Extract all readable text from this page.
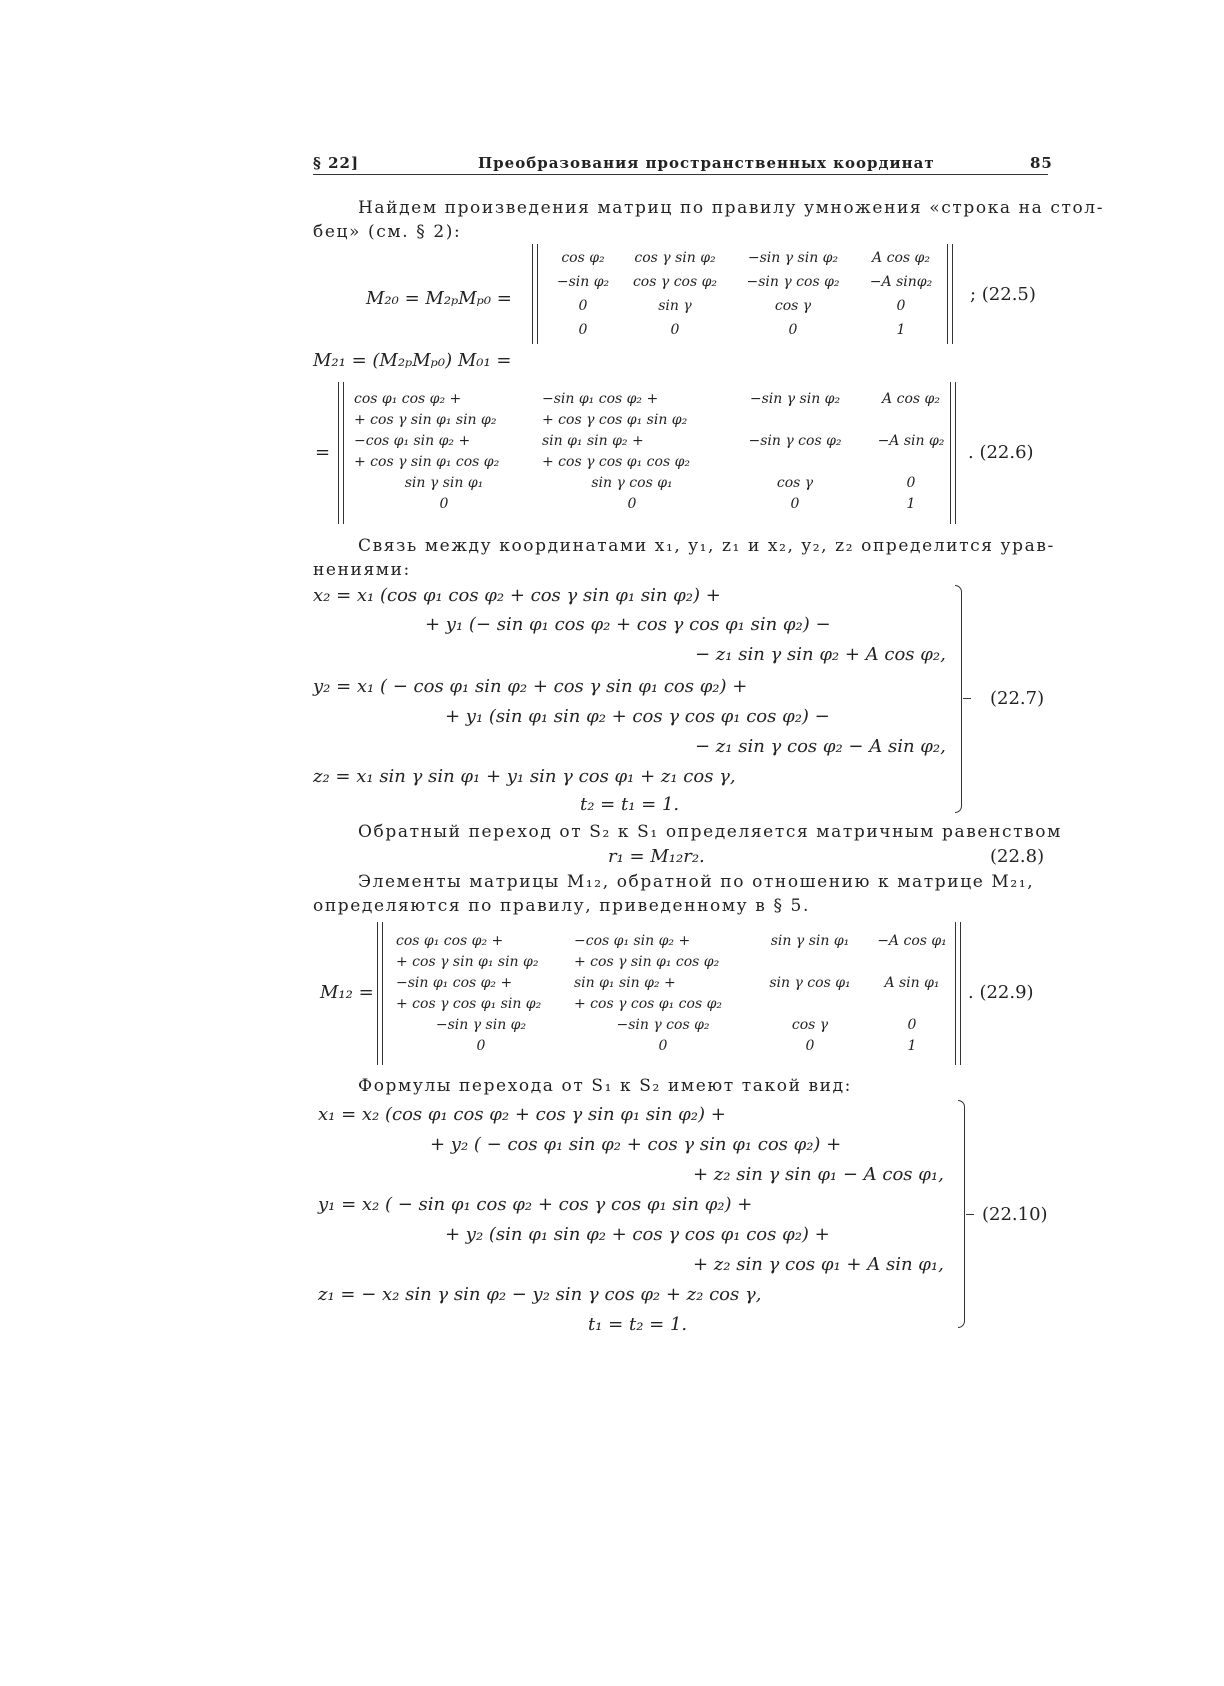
§ 22]	Преобразования пространственных координат	85
Найдем произведения матриц по правилу умножения «строка на стол-
бец» (см. § 2):
M₂₀ = M₂ₚMₚ₀ =
cos φ₂	cos γ sin φ₂	−sin γ sin φ₂	A cos φ₂
−sin φ₂	cos γ cos φ₂	−sin γ cos φ₂	−A sinφ₂
0	sin γ	cos γ	0
0	0	0	1
; (22.5)
M₂₁ = (M₂ₚMₚ₀) M₀₁ =
=
cos φ₁ cos φ₂ +	−sin φ₁ cos φ₂ +	−sin γ sin φ₂	A cos φ₂
+ cos γ sin φ₁ sin φ₂	+ cos γ cos φ₁ sin φ₂		
−cos φ₁ sin φ₂ +	sin φ₁ sin φ₂ +	−sin γ cos φ₂	−A sin φ₂
+ cos γ sin φ₁ cos φ₂	+ cos γ cos φ₁ cos φ₂		
sin γ sin φ₁	sin γ cos φ₁	cos γ	0
0	0	0	1
. (22.6)
Связь между координатами x₁, y₁, z₁ и x₂, y₂, z₂ определится урав-
нениями:
x₂ = x₁ (cos φ₁ cos φ₂ + cos γ sin φ₁ sin φ₂) +
+ y₁ (− sin φ₁ cos φ₂ + cos γ cos φ₁ sin φ₂) −
− z₁ sin γ sin φ₂ + A cos φ₂,
y₂ = x₁ ( − cos φ₁ sin φ₂ + cos γ sin φ₁ cos φ₂) +
+ y₁ (sin φ₁ sin φ₂ + cos γ cos φ₁ cos φ₂) −
− z₁ sin γ cos φ₂ − A sin φ₂,
z₂ = x₁ sin γ sin φ₁ + y₁ sin γ cos φ₁ + z₁ cos γ,
t₂ = t₁ = 1.
(22.7)
Обратный переход от S₂ к S₁ определяется матричным равенством
r₁ = M₁₂r₂.	(22.8)
Элементы матрицы M₁₂, обратной по отношению к матрице M₂₁,
определяются по правилу, приведенному в § 5.
M₁₂ =
cos φ₁ cos φ₂ +	−cos φ₁ sin φ₂ +	sin γ sin φ₁	−A cos φ₁
+ cos γ sin φ₁ sin φ₂	+ cos γ sin φ₁ cos φ₂		
−sin φ₁ cos φ₂ +	sin φ₁ sin φ₂ +	sin γ cos φ₁	A sin φ₁
+ cos γ cos φ₁ sin φ₂	+ cos γ cos φ₁ cos φ₂		
−sin γ sin φ₂	−sin γ cos φ₂	cos γ	0
0	0	0	1
. (22.9)
Формулы перехода от S₁ к S₂ имеют такой вид:
x₁ = x₂ (cos φ₁ cos φ₂ + cos γ sin φ₁ sin φ₂) +
+ y₂ ( − cos φ₁ sin φ₂ + cos γ sin φ₁ cos φ₂) +
+ z₂ sin γ sin φ₁ − A cos φ₁,
y₁ = x₂ ( − sin φ₁ cos φ₂ + cos γ cos φ₁ sin φ₂) +
+ y₂ (sin φ₁ sin φ₂ + cos γ cos φ₁ cos φ₂) +
+ z₂ sin γ cos φ₁ + A sin φ₁,
z₁ = − x₂ sin γ sin φ₂ − y₂ sin γ cos φ₂ + z₂ cos γ,
t₁ = t₂ = 1.
(22.10)
